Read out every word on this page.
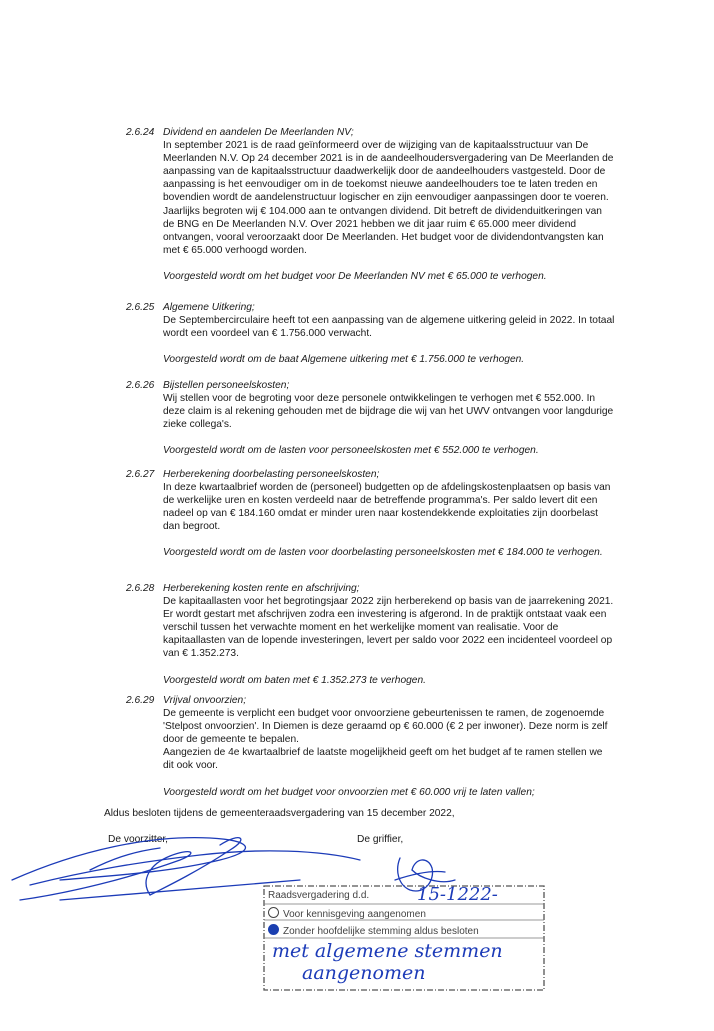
2.6.24 Dividend en aandelen De Meerlanden NV;
In september 2021 is de raad geïnformeerd over de wijziging van de kapitaalsstructuur van De Meerlanden N.V. Op 24 december 2021 is in de aandeelhoudersvergadering van De Meerlanden de aanpassing van de kapitaalsstructuur daadwerkelijk door de aandeelhouders vastgesteld. Door de aanpassing is het eenvoudiger om in de toekomst nieuwe aandeelhouders toe te laten treden en bovendien wordt de aandelenstructuur logischer en zijn eenvoudiger aanpassingen door te voeren.
Jaarlijks begroten wij € 104.000 aan te ontvangen dividend. Dit betreft de dividenduitkeringen van de BNG en De Meerlanden N.V. Over 2021 hebben we dit jaar ruim € 65.000 meer dividend ontvangen, vooral veroorzaakt door De Meerlanden. Het budget voor de dividendontvangsten kan met € 65.000 verhoogd worden.
Voorgesteld wordt om het budget voor De Meerlanden NV met € 65.000 te verhogen.
2.6.25 Algemene Uitkering;
De Septembercirculaire heeft tot een aanpassing van de algemene uitkering geleid in 2022. In totaal wordt een voordeel van € 1.756.000 verwacht.
Voorgesteld wordt om de baat Algemene uitkering met € 1.756.000 te verhogen.
2.6.26 Bijstellen personeelskosten;
Wij stellen voor de begroting voor deze personele ontwikkelingen te verhogen met € 552.000. In deze claim is al rekening gehouden met de bijdrage die wij van het UWV ontvangen voor langdurige zieke collega's.
Voorgesteld wordt om de lasten voor personeelskosten met € 552.000 te verhogen.
2.6.27 Herberekening doorbelasting personeelskosten;
In deze kwartaalbrief worden de (personeel) budgetten op de afdelingskostenplaatsen op basis van de werkelijke uren en kosten verdeeld naar de betreffende programma's. Per saldo levert dit een nadeel op van € 184.160 omdat er minder uren naar kostendekkende exploitaties zijn doorbelast dan begroot.
Voorgesteld wordt om de lasten voor doorbelasting personeelskosten met € 184.000 te verhogen.
2.6.28 Herberekening kosten rente en afschrijving;
De kapitaallasten voor het begrotingsjaar 2022 zijn herberekend op basis van de jaarrekening 2021. Er wordt gestart met afschrijven zodra een investering is afgerond. In de praktijk ontstaat vaak een verschil tussen het verwachte moment en het werkelijke moment van realisatie. Voor de kapitaallasten van de lopende investeringen, levert per saldo voor 2022 een incidenteel voordeel op van € 1.352.273.
Voorgesteld wordt om baten met € 1.352.273 te verhogen.
2.6.29 Vrijval onvoorzien;
De gemeente is verplicht een budget voor onvoorziene gebeurtenissen te ramen, de zogenoemde 'Stelpost onvoorzien'. In Diemen is deze geraamd op € 60.000 (€ 2 per inwoner). Deze norm is zelf door de gemeente te bepalen.
Aangezien de 4e kwartaalbrief de laatste mogelijkheid geeft om het budget af te ramen stellen we dit ook voor.
Voorgesteld wordt om het budget voor onvoorzien met € 60.000 vrij te laten vallen;
Aldus besloten tijdens de gemeenteraadsvergadering van 15 december 2022,
De voorzitter,	De griffier,
Raadsvergadering d.d.	15-1222-
Voor kennisgeving aangenomen
Zonder hoofdelijke stemming aldus besloten
met algemene stemmen
aangenomen
